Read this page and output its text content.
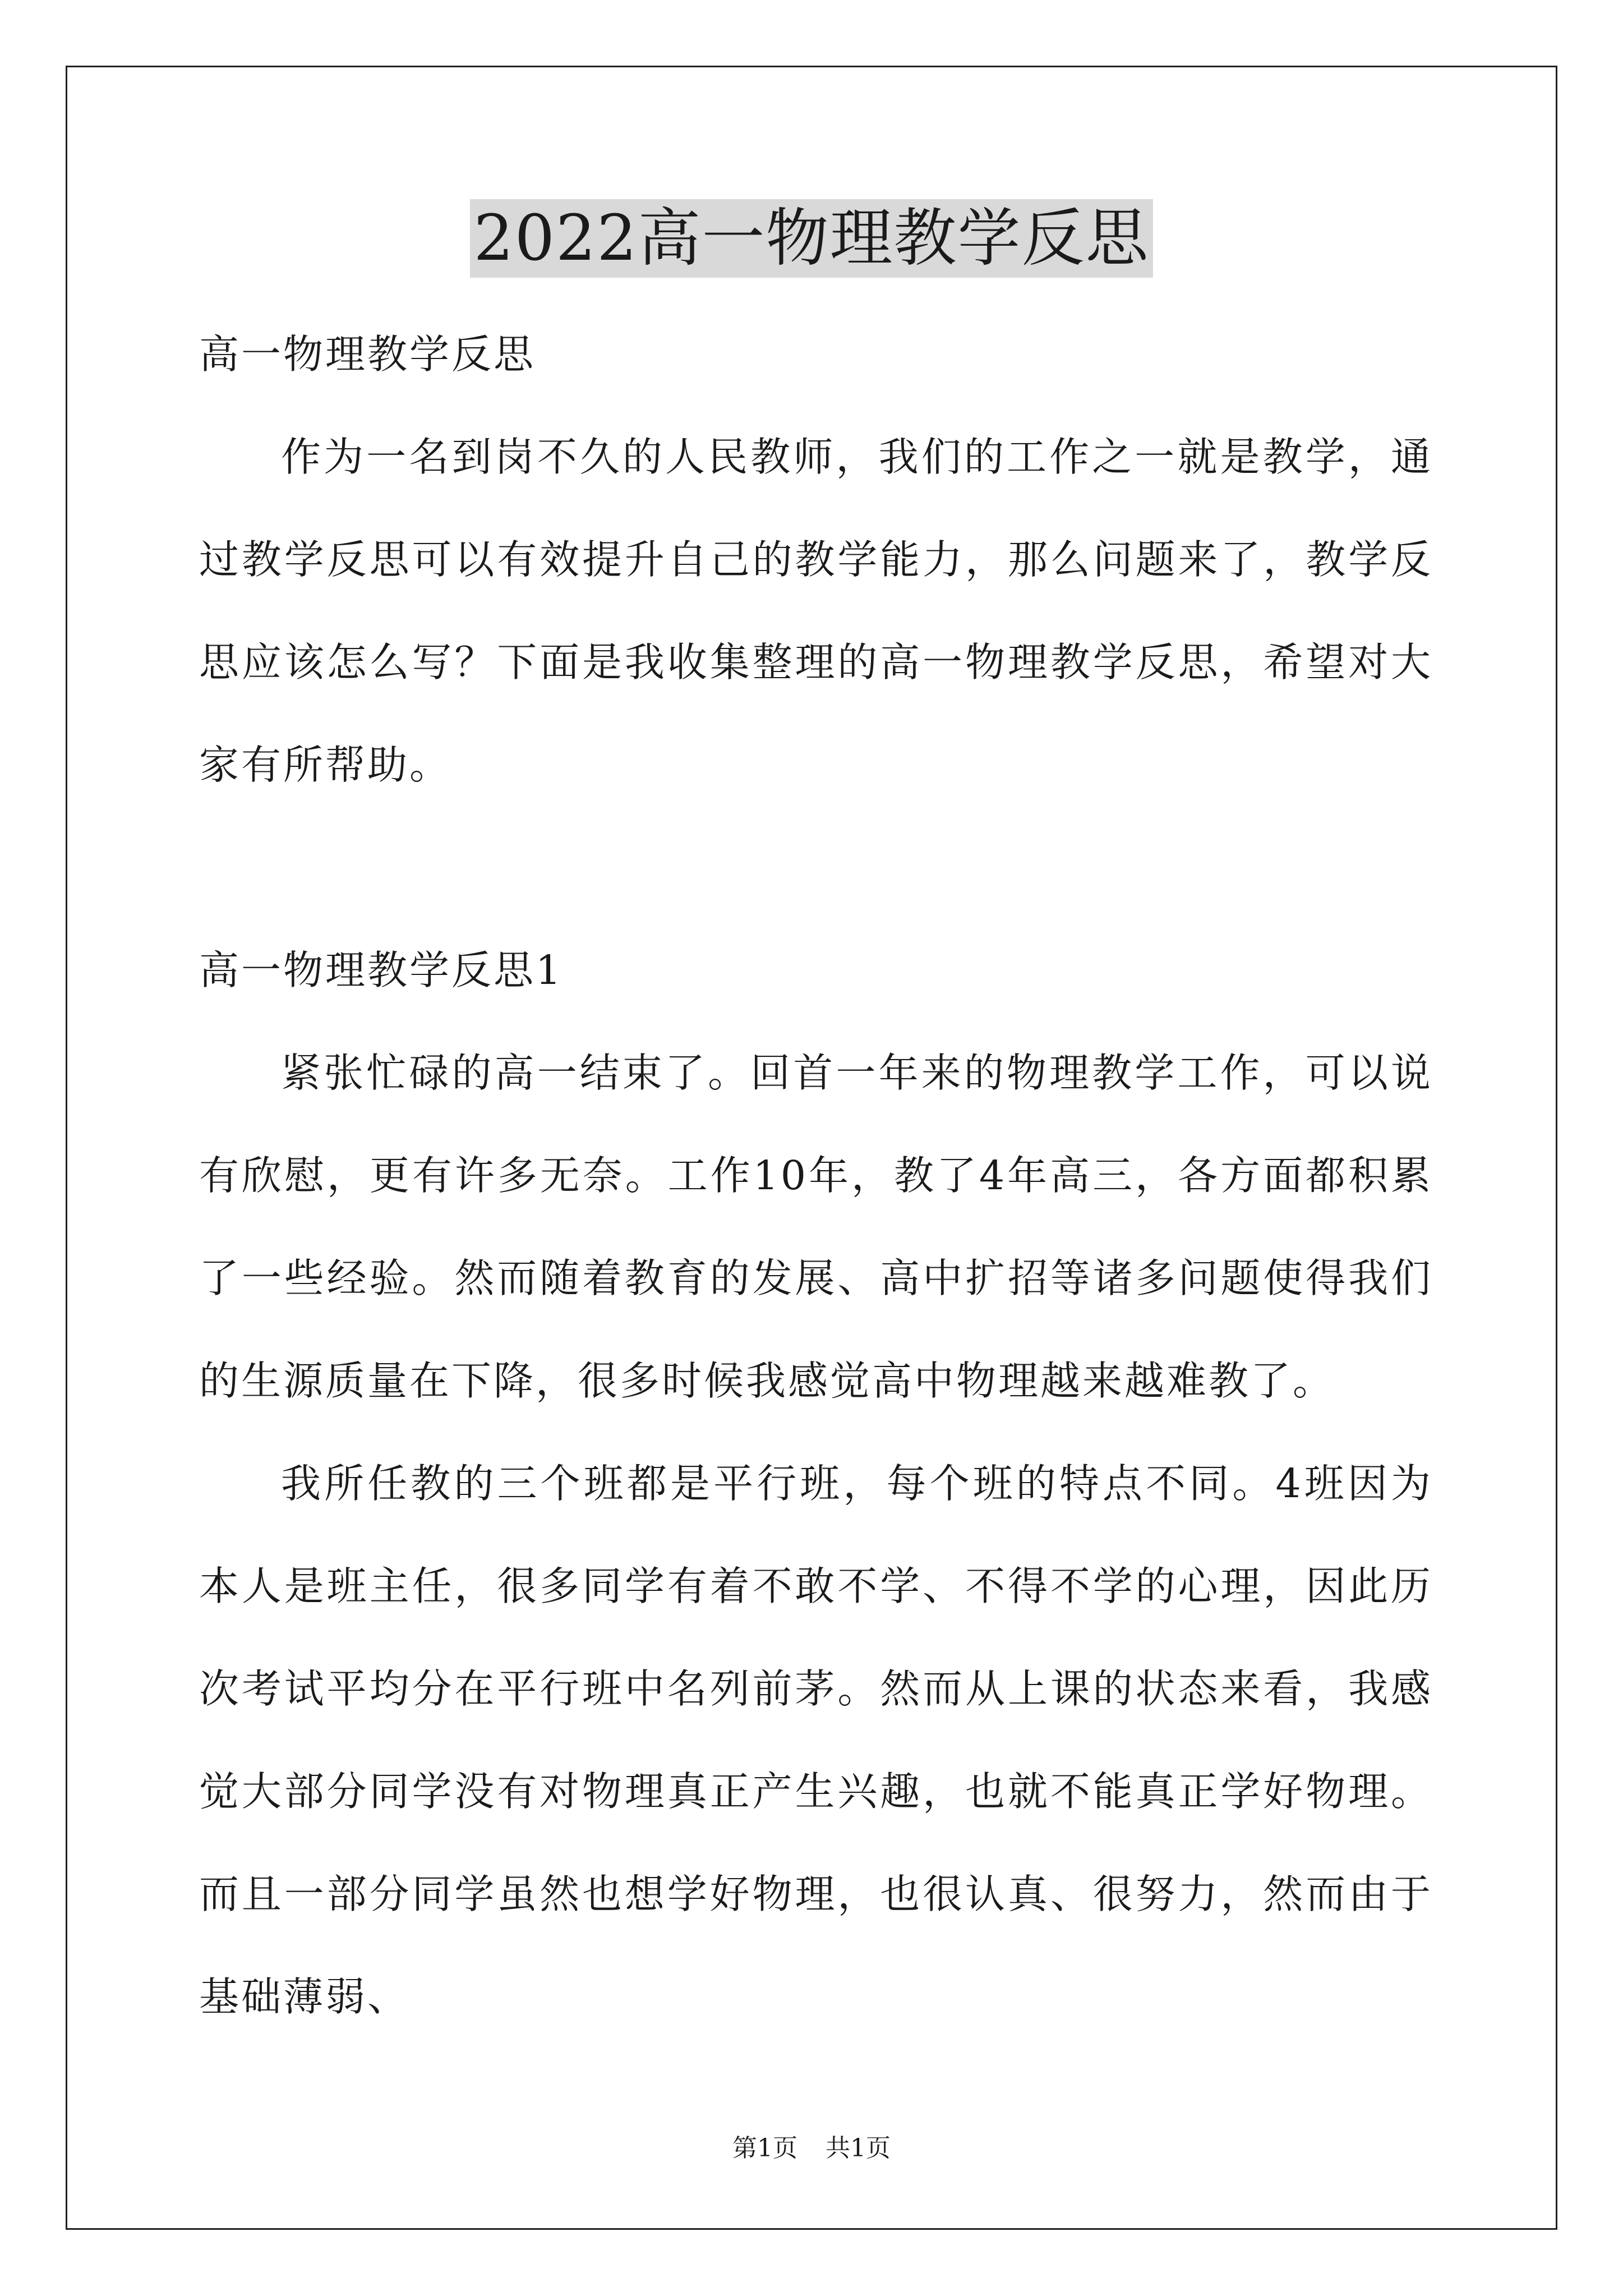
2022高一物理教学反思

高一物理教学反思

作为一名到岗不久的人民教师，我们的工作之一就是教学，通过教学反思可以有效提升自己的教学能力，那么问题来了，教学反思应该怎么写？下面是我收集整理的高一物理教学反思，希望对大家有所帮助。

高一物理教学反思1

紧张忙碌的高一结束了。回首一年来的物理教学工作，可以说有欣慰，更有许多无奈。工作10年，教了4年高三，各方面都积累了一些经验。然而随着教育的发展、高中扩招等诸多问题使得我们的生源质量在下降，很多时候我感觉高中物理越来越难教了。

我所任教的三个班都是平行班，每个班的特点不同。4班因为本人是班主任，很多同学有着不敢不学、不得不学的心理，因此历次考试平均分在平行班中名列前茅。然而从上课的状态来看，我感觉大部分同学没有对物理真正产生兴趣，也就不能真正学好物理。而且一部分同学虽然也想学好物理，也很认真、很努力，然而由于基础薄弱、

第1页 共1页
